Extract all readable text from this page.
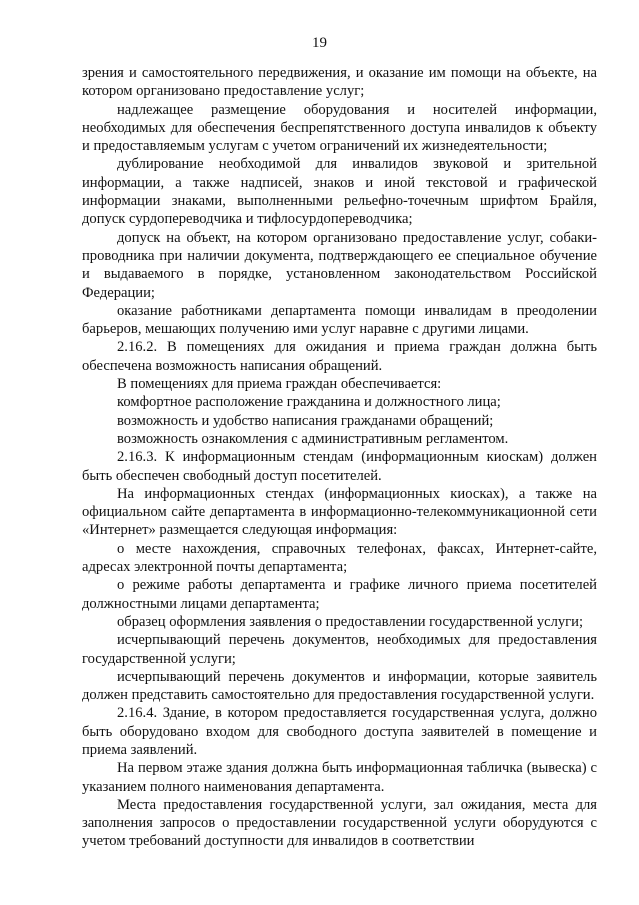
19

зрения и самостоятельного передвижения, и оказание им помощи на объекте, на котором организовано предоставление услуг;

надлежащее размещение оборудования и носителей информации, необходимых для обеспечения беспрепятственного доступа инвалидов к объекту и предоставляемым услугам с учетом ограничений их жизнедеятельности;

дублирование необходимой для инвалидов звуковой и зрительной информации, а также надписей, знаков и иной текстовой и графической информации знаками, выполненными рельефно-точечным шрифтом Брайля, допуск сурдопереводчика и тифлосурдопереводчика;

допуск на объект, на котором организовано предоставление услуг, собаки-проводника при наличии документа, подтверждающего ее специальное обучение и выдаваемого в порядке, установленном законодательством Российской Федерации;

оказание работниками департамента помощи инвалидам в преодолении барьеров, мешающих получению ими услуг наравне с другими лицами.

2.16.2. В помещениях для ожидания и приема граждан должна быть обеспечена возможность написания обращений.

В помещениях для приема граждан обеспечивается:

комфортное расположение гражданина и должностного лица;

возможность и удобство написания гражданами обращений;

возможность ознакомления с административным регламентом.

2.16.3. К информационным стендам (информационным киоскам) должен быть обеспечен свободный доступ посетителей.

На информационных стендах (информационных киосках), а также на официальном сайте департамента в информационно-телекоммуникационной сети «Интернет» размещается следующая информация:

о месте нахождения, справочных телефонах, факсах, Интернет-сайте, адресах электронной почты департамента;

о режиме работы департамента и графике личного приема посетителей должностными лицами департамента;

образец оформления заявления о предоставлении государственной услуги;

исчерпывающий перечень документов, необходимых для предоставления государственной услуги;

исчерпывающий перечень документов и информации, которые заявитель должен представить самостоятельно для предоставления государственной услуги.

2.16.4. Здание, в котором предоставляется государственная услуга, должно быть оборудовано входом для свободного доступа заявителей в помещение и приема заявлений.

На первом этаже здания должна быть информационная табличка (вывеска) с указанием полного наименования департамента.

Места предоставления государственной услуги, зал ожидания, места для заполнения запросов о предоставлении государственной услуги оборудуются с учетом требований доступности для инвалидов в соответствии
